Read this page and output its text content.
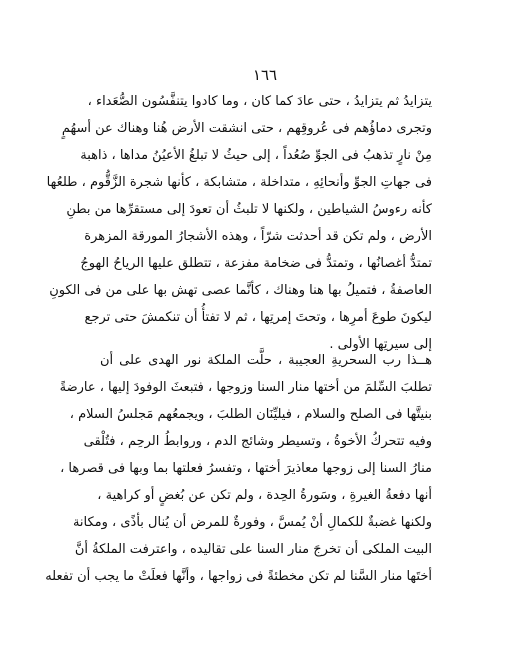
١٦٦
يتزايدُ ثم يتزايدُ ، حتى عادَ كما كان ، وما كادوا يتنفَّسُون الصُّعَداء ،
وتجرى دماؤُهم فى عُروقِهم ، حتى انشقت الأرض هُنا وهناك عن أسهُمٍ
مِنْ نارٍ تذهبُ فى الجوِّ صُعُداً ، إلى حيثُ لا تبلغُ الأعيُنُ مداها ، ذاهبة
فى جهاتِ الجوِّ وأنحائِهِ ، متداخلة ، متشابكة ، كأنها شجرة الزَّقُّوم ، طلعُها
كأنه رءوسُ الشياطين ، ولكنها لا تلبثُ أن تعودَ إلى مستقرِّها من بطنِ
الأرض ، ولم تكن قد أحدثت شرّاً ، وهذه الأشجارُ المورقة المزهرة
تمتدُّ أغصانُها ، وتمتدُّ فى ضخامة مفزعة ، تتطلق عليها الرياحُ الهوجُ
العاصفةُ ، فتميلُ بها هنا وهناك ، كأنَّما عصى تهش بها على من فى الكونِ
ليكونَ طوعَ أمرِها ، وتحتَ إمرتِها ، ثم لا تفتأُ أن تنكمشَ حتى ترجع
إلى سيرتِها الأولى .
هــذا رب السحريةِ العجيبة ، حلَّت الملكة نور الهدى على أن
تطلبَ السِّلمَ من أختها منار السنا وزوجها ، فتبعثَ الوفودَ إليها ، عارضةً
بنيتَّها فى الصلح والسلام ، فيليِّنَان الطلبَ ، ويجمعُهم مَجلسُ السلام ،
وفيه تتحركُ الأخوةُ ، وتسيطر وشائج الدم ، وروابطُ الرحِم ، فتُلْقى
منارُ السنا إلى زوجها معاذيرَ أختها ، وتفسرُ فعلتها بما وبها فى قصرها ،
أنها دفعةُ الغيرةِ ، وسَورةُ الحِدة ، ولم تكن عن بُغضٍ أو كراهية ،
ولكنها غضبةٌ للكمالِ أنْ يُمسَّ ، وفورةٌ للمرض أن يُنال بأذًى ، ومكانة
البيت الملكى أن تخرجَ منار السنا على تقاليده ، واعترفت الملكةُ أنَّ
أختَها منار السَّنا لم تكن مخطئةً فى زواجها ، وأنَّها فعلَتْ ما يجب أن تفعله
